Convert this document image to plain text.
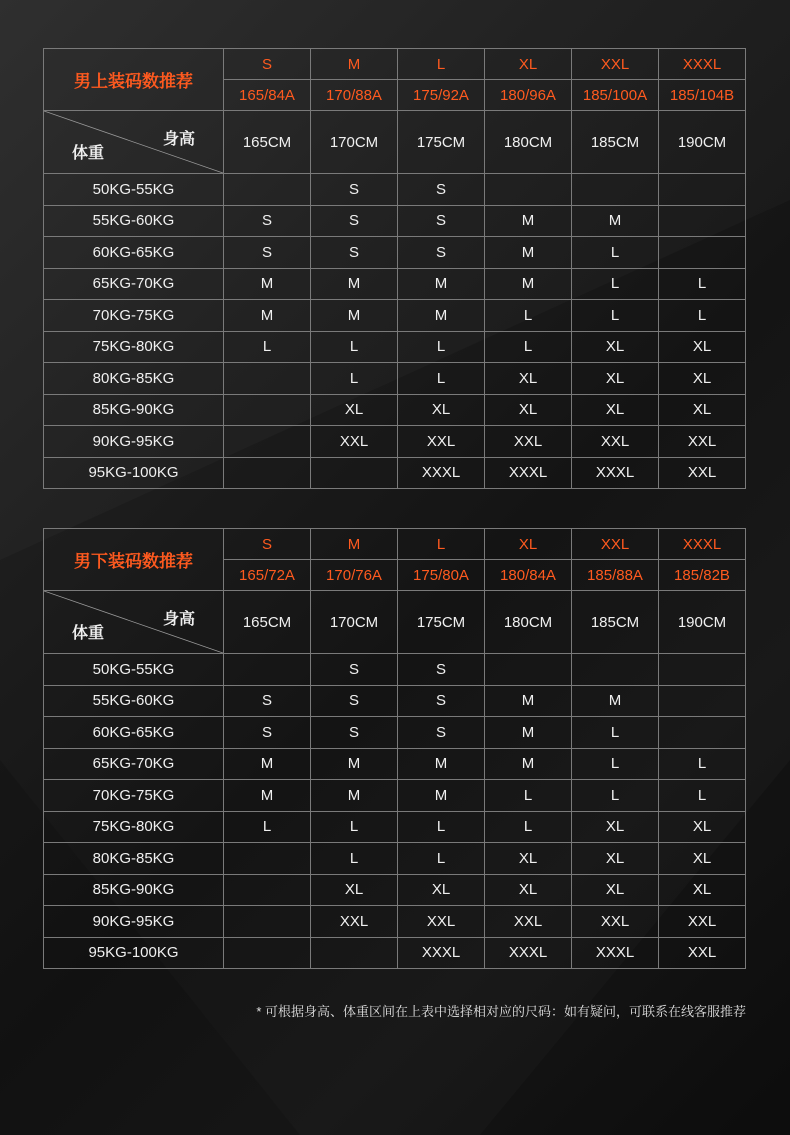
男上装码数推荐	S	M	L	XL	XXL	XXXL
	165/84A	170/88A	175/92A	180/96A	185/100A	185/104B

身高
体重	165CM	170CM	175CM	180CM	185CM	190CM
50KG-55KG		S	S			
55KG-60KG	S	S	S	M	M	
60KG-65KG	S	S	S	M	L	
65KG-70KG	M	M	M	M	L	L
70KG-75KG	M	M	M	L	L	L
75KG-80KG	L	L	L	L	XL	XL
80KG-85KG		L	L	XL	XL	XL
85KG-90KG		XL	XL	XL	XL	XL
90KG-95KG		XXL	XXL	XXL	XXL	XXL
95KG-100KG			XXXL	XXXL	XXXL	XXL
男下装码数推荐	S	M	L	XL	XXL	XXXL
	165/72A	170/76A	175/80A	180/84A	185/88A	185/82B

身高
体重	165CM	170CM	175CM	180CM	185CM	190CM
50KG-55KG		S	S			
55KG-60KG	S	S	S	M	M	
60KG-65KG	S	S	S	M	L	
65KG-70KG	M	M	M	M	L	L
70KG-75KG	M	M	M	L	L	L
75KG-80KG	L	L	L	L	XL	XL
80KG-85KG		L	L	XL	XL	XL
85KG-90KG		XL	XL	XL	XL	XL
90KG-95KG		XXL	XXL	XXL	XXL	XXL
95KG-100KG			XXXL	XXXL	XXXL	XXL
* 可根据身高、体重区间在上表中选择相对应的尺码：如有疑问，可联系在线客服推荐
